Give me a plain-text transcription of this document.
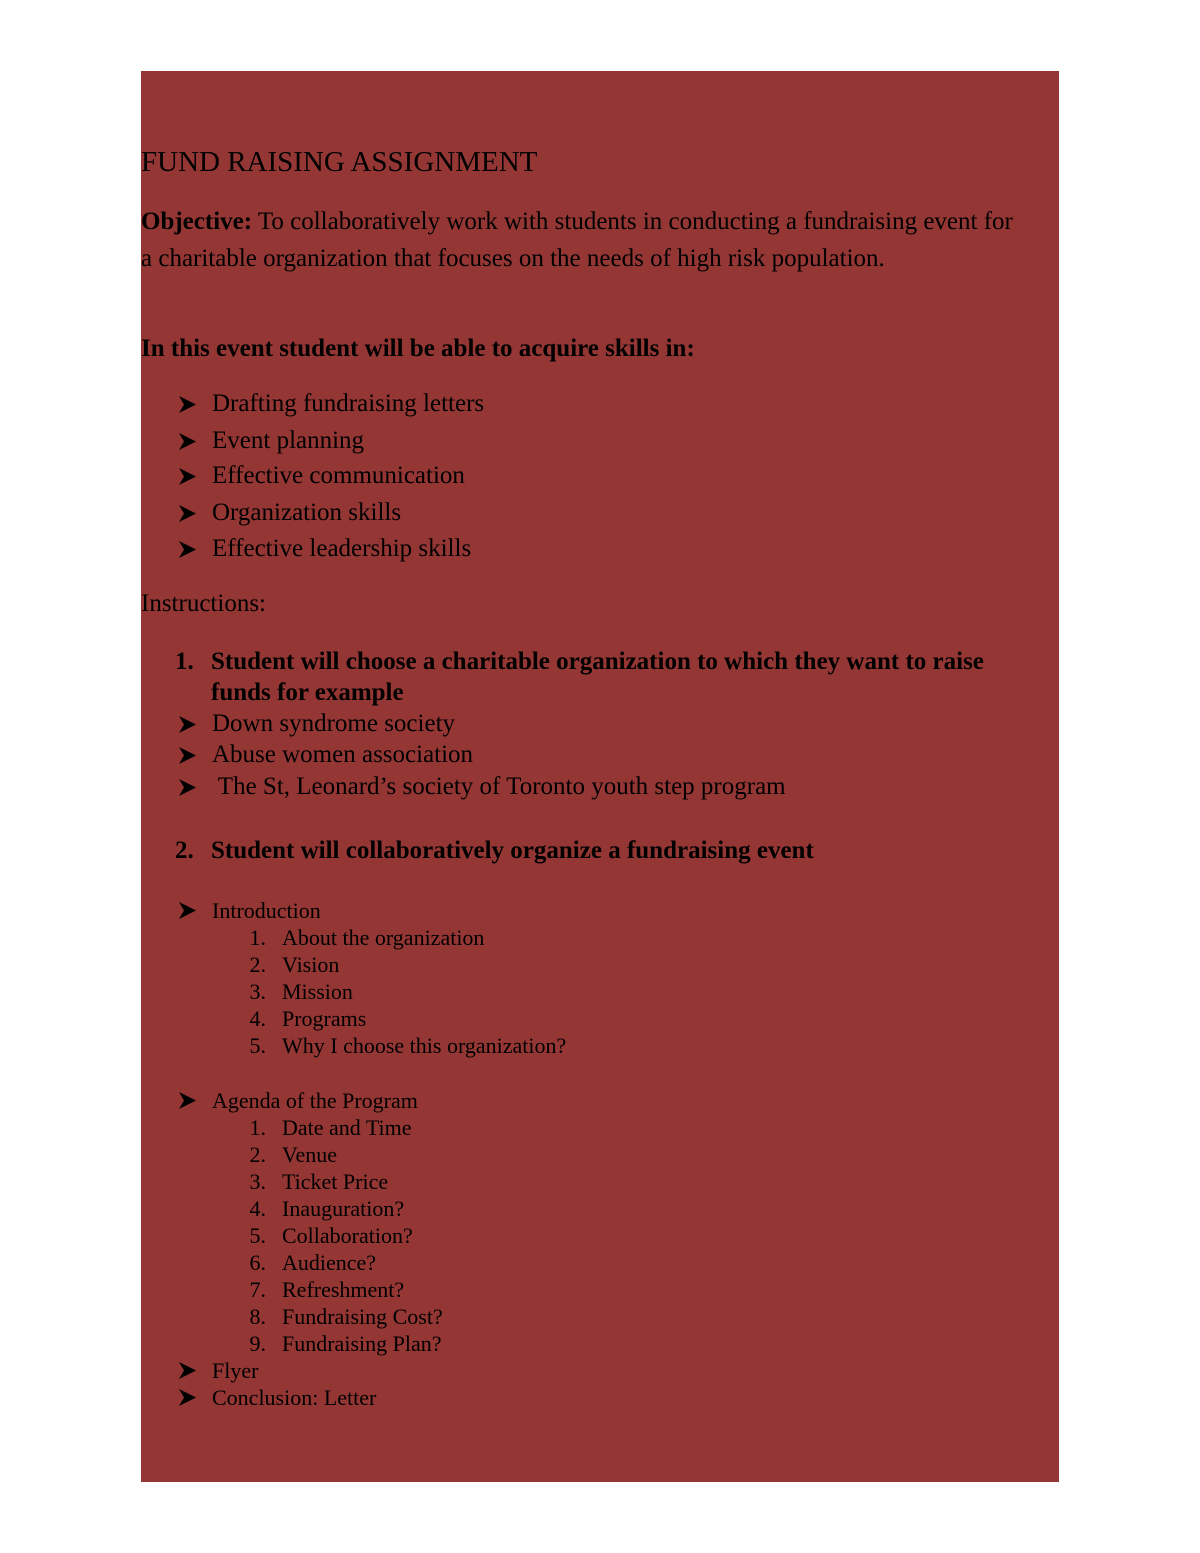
FUND RAISING ASSIGNMENT
Objective: To collaboratively work with students in conducting a fundraising event for a charitable organization that focuses on the needs of high risk population.
In this event student will be able to acquire skills in:
Drafting fundraising letters
Event planning
Effective communication
Organization skills
Effective leadership skills
Instructions:
1. Student will choose a charitable organization to which they want to raise funds for example
Down syndrome society
Abuse women association
The St, Leonard’s society of Toronto youth step program
2. Student will collaboratively organize a fundraising event
Introduction
1. About the organization
2. Vision
3. Mission
4. Programs
5. Why I choose this organization?
Agenda of the Program
1. Date and Time
2. Venue
3. Ticket Price
4. Inauguration?
5. Collaboration?
6. Audience?
7. Refreshment?
8. Fundraising Cost?
9. Fundraising Plan?
Flyer
Conclusion: Letter
